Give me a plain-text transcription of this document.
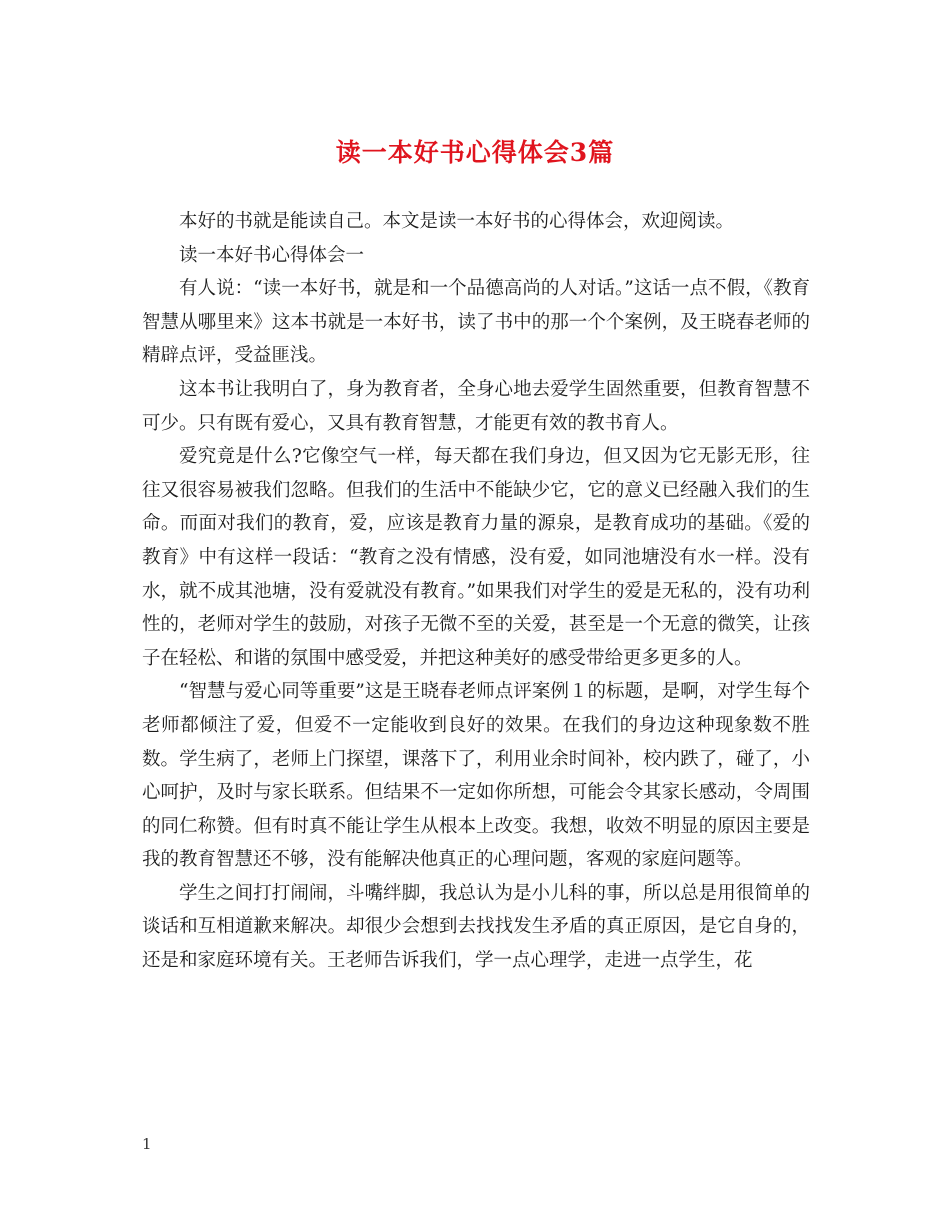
读一本好书心得体会3篇

本好的书就是能读自己。本文是读一本好书的心得体会，欢迎阅读。

读一本好书心得体会一

有人说：“读一本好书，就是和一个品德高尚的人对话。”这话一点不假，《教育智慧从哪里来》这本书就是一本好书，读了书中的那一个个案例，及王晓春老师的精辟点评，受益匪浅。

这本书让我明白了，身为教育者，全身心地去爱学生固然重要，但教育智慧不可少。只有既有爱心，又具有教育智慧，才能更有效的教书育人。

爱究竟是什么?它像空气一样，每天都在我们身边，但又因为它无影无形，往往又很容易被我们忽略。但我们的生活中不能缺少它，它的意义已经融入我们的生命。而面对我们的教育，爱，应该是教育力量的源泉，是教育成功的基础。《爱的教育》中有这样一段话：“教育之没有情感，没有爱，如同池塘没有水一样。没有水，就不成其池塘，没有爱就没有教育。”如果我们对学生的爱是无私的，没有功利性的，老师对学生的鼓励，对孩子无微不至的关爱，甚至是一个无意的微笑，让孩子在轻松、和谐的氛围中感受爱，并把这种美好的感受带给更多更多的人。

“智慧与爱心同等重要”这是王晓春老师点评案例１的标题，是啊，对学生每个老师都倾注了爱，但爱不一定能收到良好的效果。在我们的身边这种现象数不胜数。学生病了，老师上门探望，课落下了，利用业余时间补，校内跌了，碰了，小心呵护，及时与家长联系。但结果不一定如你所想，可能会令其家长感动，令周围的同仁称赞。但有时真不能让学生从根本上改变。我想，收效不明显的原因主要是我的教育智慧还不够，没有能解决他真正的心理问题，客观的家庭问题等。

学生之间打打闹闹，斗嘴绊脚，我总认为是小儿科的事，所以总是用很简单的谈话和互相道歉来解决。却很少会想到去找找发生矛盾的真正原因，是它自身的，还是和家庭环境有关。王老师告诉我们，学一点心理学，走进一点学生，花

1
